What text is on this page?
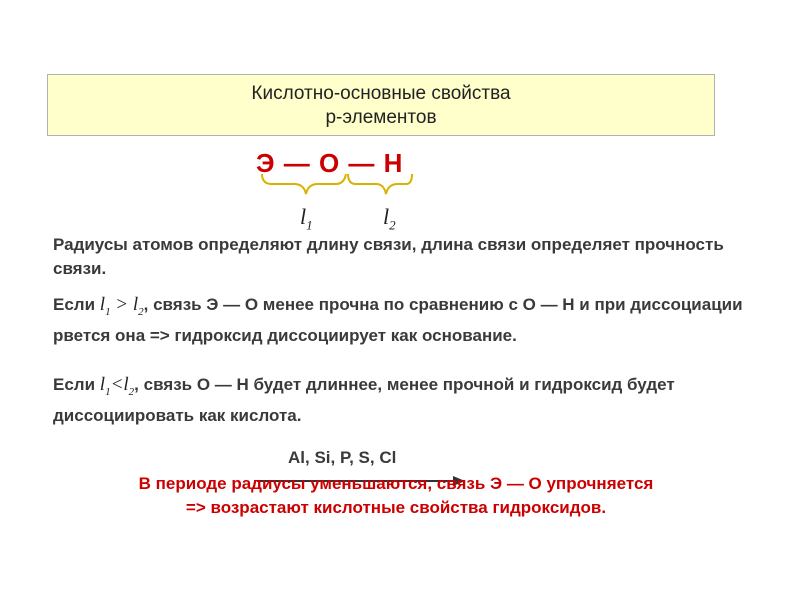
Кислотно-основные свойства
р-элементов
Э — О — Н
$l_1$	$l_2$
Радиусы атомов определяют длину связи, длина связи определяет прочность связи.
Если $l_1 > l_2$, связь Э — О менее прочна по сравнению с О — Н и при диссоциации рвется она => гидроксид диссоциирует как основание.
Если $l_1<l_2$, связь О — Н будет длиннее, менее прочной и гидроксид будет диссоциировать как кислота.
Al, Si, P, S, Cl
В периоде радиусы уменьшаются, связь Э — О упрочняется
=> возрастают кислотные свойства гидроксидов.
